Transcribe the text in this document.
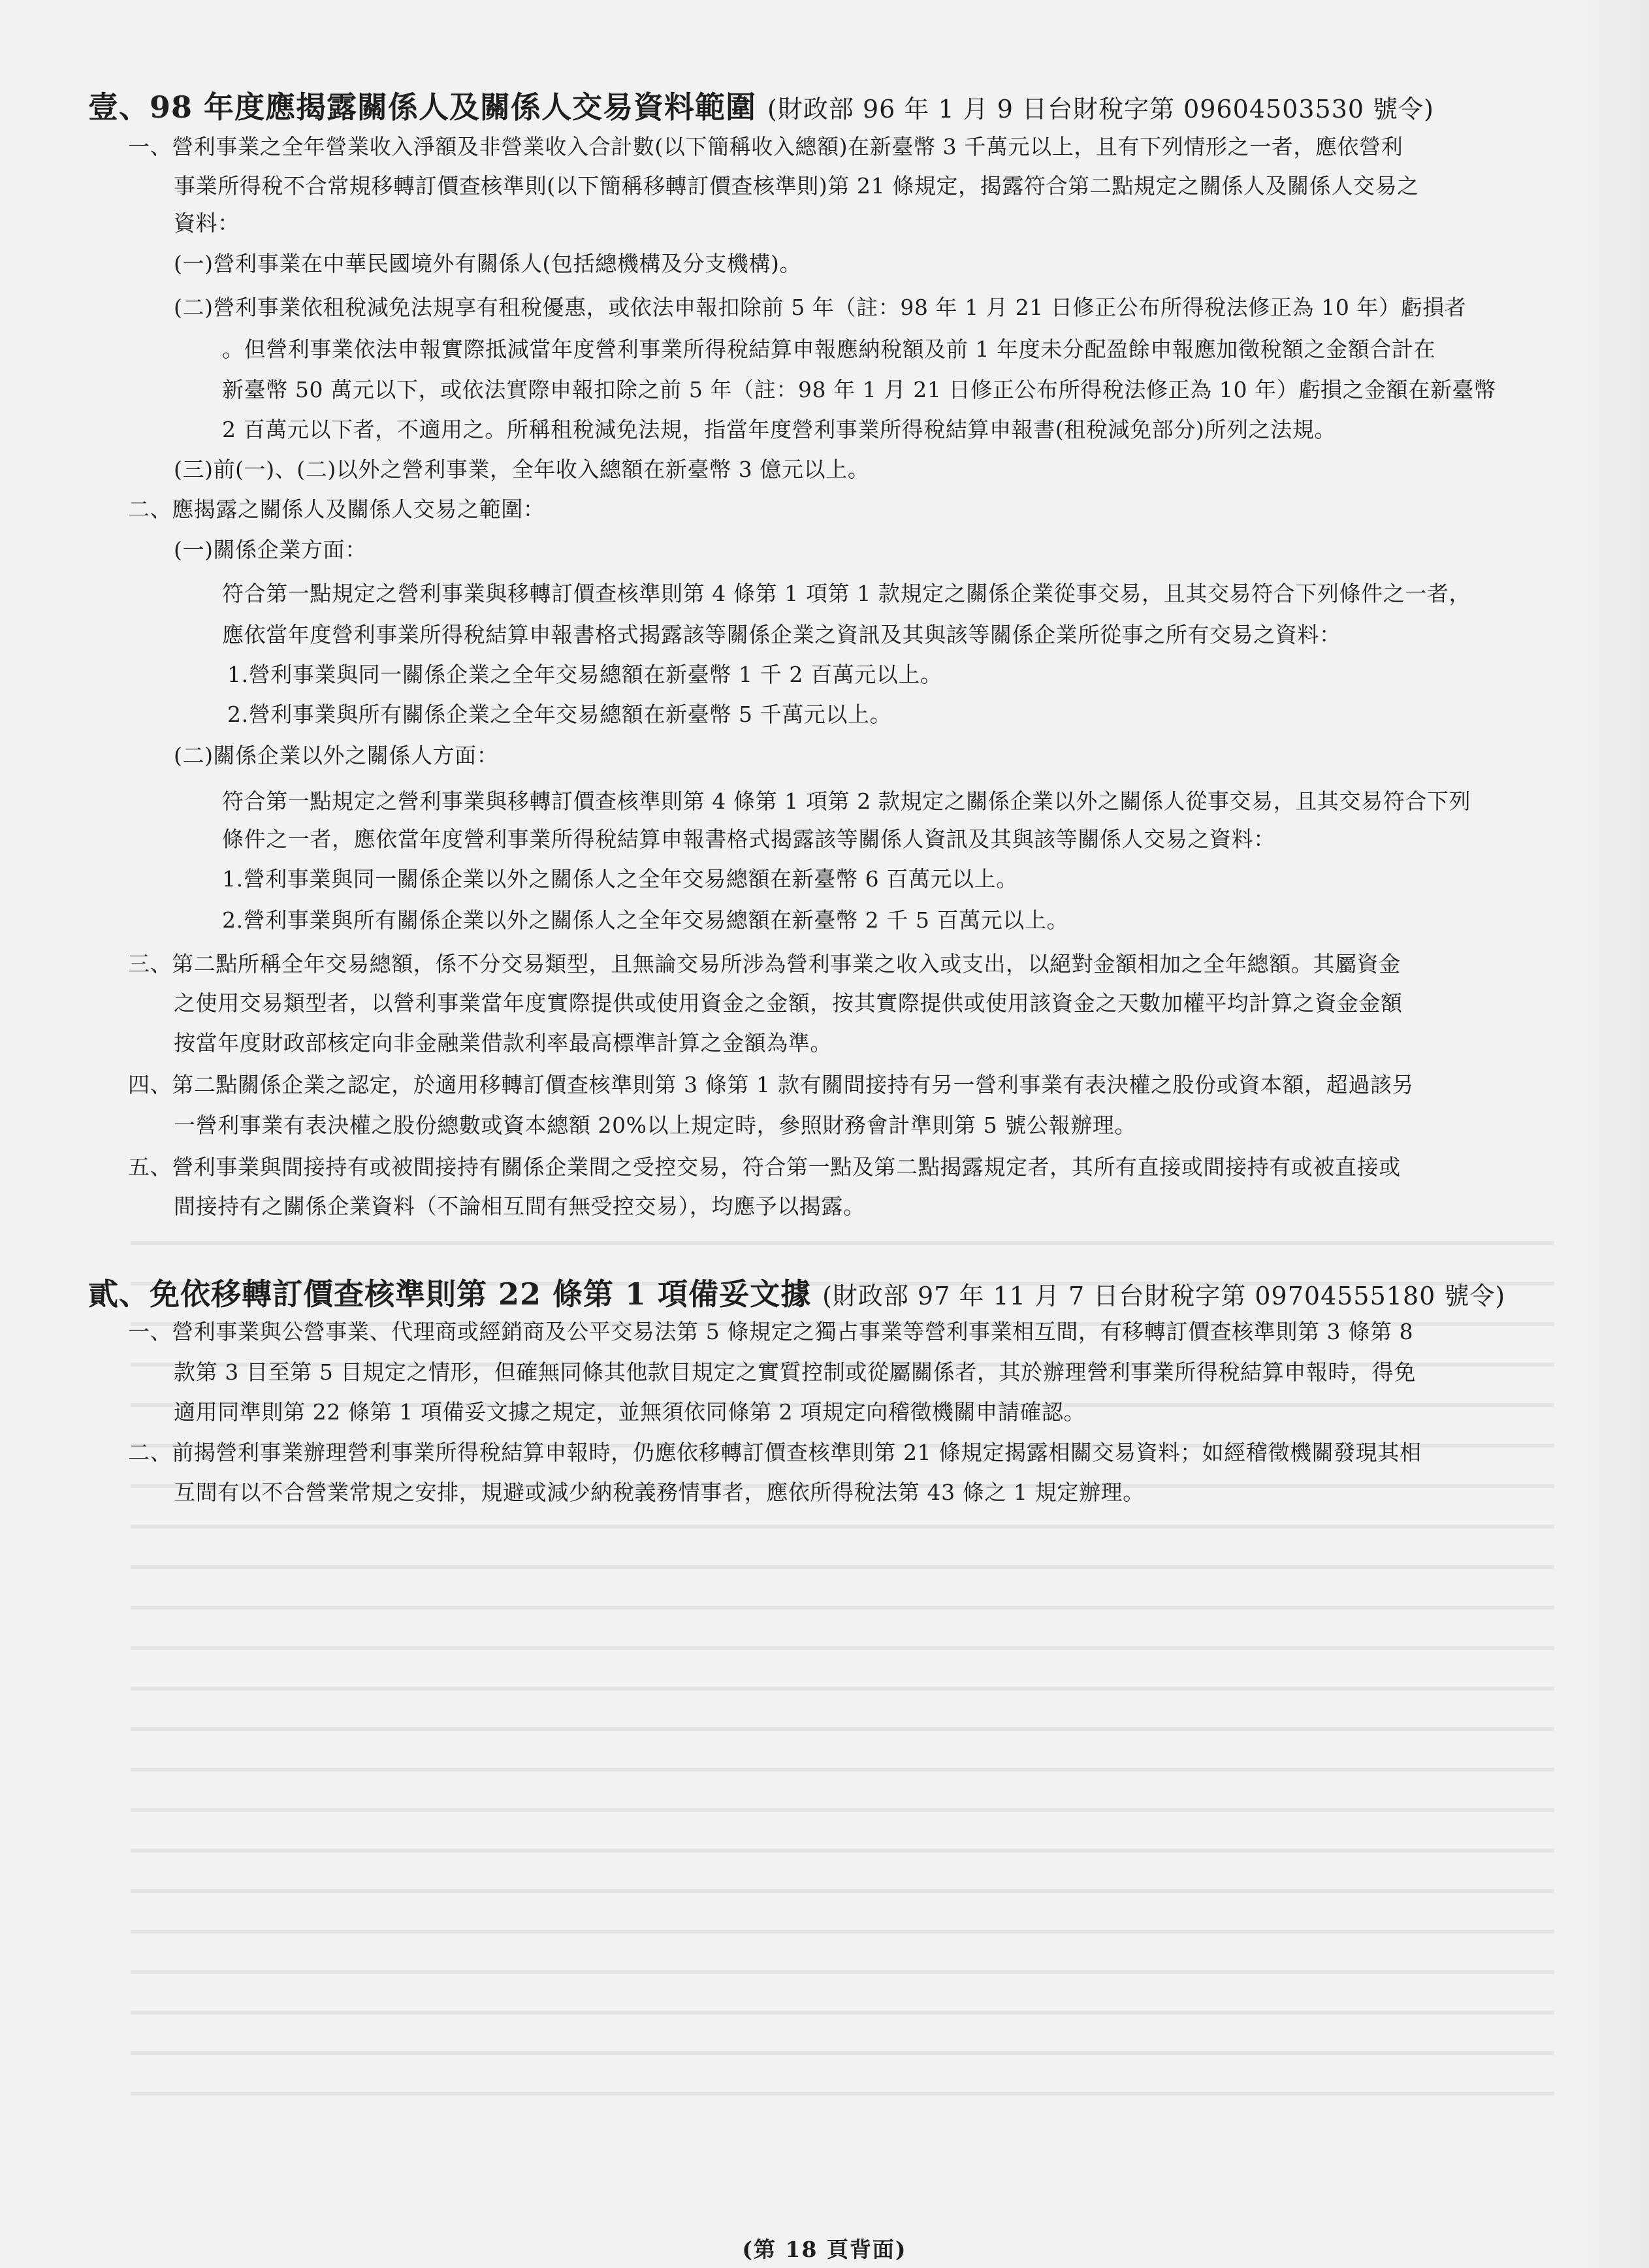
壹、98 年度應揭露關係人及關係人交易資料範圍 (財政部 96 年 1 月 9 日台財稅字第 09604503530 號令)
一、營利事業之全年營業收入淨額及非營業收入合計數(以下簡稱收入總額)在新臺幣 3 千萬元以上，且有下列情形之一者，應依營利
事業所得稅不合常規移轉訂價查核準則(以下簡稱移轉訂價查核準則)第 21 條規定，揭露符合第二點規定之關係人及關係人交易之
資料：
(一)營利事業在中華民國境外有關係人(包括總機構及分支機構)。
(二)營利事業依租稅減免法規享有租稅優惠，或依法申報扣除前 5 年（註：98 年 1 月 21 日修正公布所得稅法修正為 10 年）虧損者
。但營利事業依法申報實際抵減當年度營利事業所得稅結算申報應納稅額及前 1 年度未分配盈餘申報應加徵稅額之金額合計在
新臺幣 50 萬元以下，或依法實際申報扣除之前 5 年（註：98 年 1 月 21 日修正公布所得稅法修正為 10 年）虧損之金額在新臺幣
2 百萬元以下者，不適用之。所稱租稅減免法規，指當年度營利事業所得稅結算申報書(租稅減免部分)所列之法規。
(三)前(一)、(二)以外之營利事業，全年收入總額在新臺幣 3 億元以上。
二、應揭露之關係人及關係人交易之範圍：
(一)關係企業方面：
符合第一點規定之營利事業與移轉訂價查核準則第 4 條第 1 項第 1 款規定之關係企業從事交易，且其交易符合下列條件之一者，
應依當年度營利事業所得稅結算申報書格式揭露該等關係企業之資訊及其與該等關係企業所從事之所有交易之資料：
1.營利事業與同一關係企業之全年交易總額在新臺幣 1 千 2 百萬元以上。
2.營利事業與所有關係企業之全年交易總額在新臺幣 5 千萬元以上。
(二)關係企業以外之關係人方面：
符合第一點規定之營利事業與移轉訂價查核準則第 4 條第 1 項第 2 款規定之關係企業以外之關係人從事交易，且其交易符合下列
條件之一者，應依當年度營利事業所得稅結算申報書格式揭露該等關係人資訊及其與該等關係人交易之資料：
1.營利事業與同一關係企業以外之關係人之全年交易總額在新臺幣 6 百萬元以上。
2.營利事業與所有關係企業以外之關係人之全年交易總額在新臺幣 2 千 5 百萬元以上。
三、第二點所稱全年交易總額，係不分交易類型，且無論交易所涉為營利事業之收入或支出，以絕對金額相加之全年總額。其屬資金
之使用交易類型者，以營利事業當年度實際提供或使用資金之金額，按其實際提供或使用該資金之天數加權平均計算之資金金額
按當年度財政部核定向非金融業借款利率最高標準計算之金額為準。
四、第二點關係企業之認定，於適用移轉訂價查核準則第 3 條第 1 款有關間接持有另一營利事業有表決權之股份或資本額，超過該另
一營利事業有表決權之股份總數或資本總額 20%以上規定時，參照財務會計準則第 5 號公報辦理。
五、營利事業與間接持有或被間接持有關係企業間之受控交易，符合第一點及第二點揭露規定者，其所有直接或間接持有或被直接或
間接持有之關係企業資料（不論相互間有無受控交易），均應予以揭露。
貳、免依移轉訂價查核準則第 22 條第 1 項備妥文據 (財政部 97 年 11 月 7 日台財稅字第 09704555180 號令)
一、營利事業與公營事業、代理商或經銷商及公平交易法第 5 條規定之獨占事業等營利事業相互間，有移轉訂價查核準則第 3 條第 8
款第 3 目至第 5 目規定之情形，但確無同條其他款目規定之實質控制或從屬關係者，其於辦理營利事業所得稅結算申報時，得免
適用同準則第 22 條第 1 項備妥文據之規定，並無須依同條第 2 項規定向稽徵機關申請確認。
二、前揭營利事業辦理營利事業所得稅結算申報時，仍應依移轉訂價查核準則第 21 條規定揭露相關交易資料；如經稽徵機關發現其相
互間有以不合營業常規之安排，規避或減少納稅義務情事者，應依所得稅法第 43 條之 1 規定辦理。
(第 18 頁背面)
